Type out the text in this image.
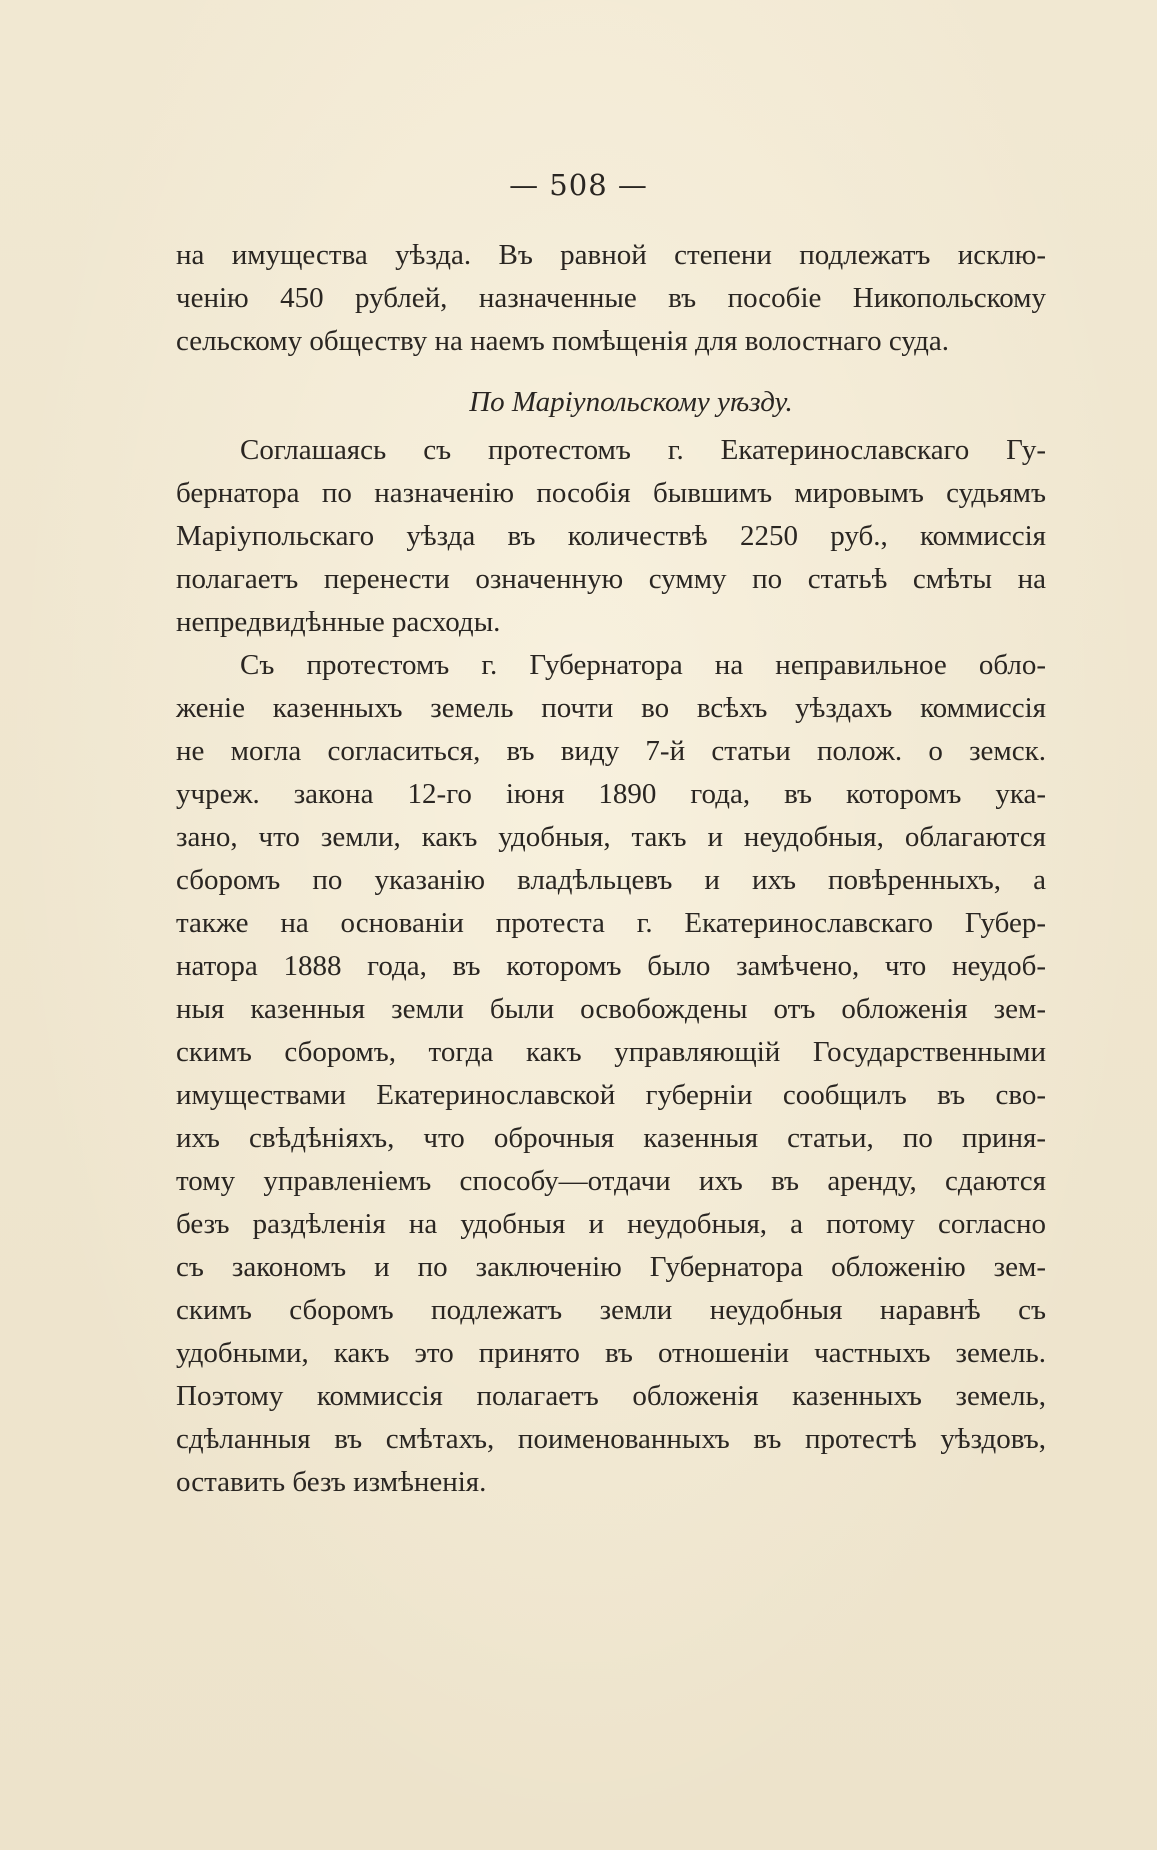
— 508 —
на имущества уѣзда. Въ равной степени подлежатъ исклю-
ченію 450 рублей, назначенные въ пособіе Никопольскому
сельскому обществу на наемъ помѣщенія для волостнаго суда.
По Маріупольскому уѣзду.
Соглашаясь съ протестомъ г. Екатеринославскаго Гу-
бернатора по назначенію пособія бывшимъ мировымъ судьямъ
Маріупольскаго уѣзда въ количествѣ 2250 руб., коммиссія
полагаетъ перенести означенную сумму по статьѣ смѣты на
непредвидѣнные расходы.
Съ протестомъ г. Губернатора на неправильное обло-
женіе казенныхъ земель почти во всѣхъ уѣздахъ коммиссія
не могла согласиться, въ виду 7-й статьи полож. о земск.
учреж. закона 12-го іюня 1890 года, въ которомъ ука-
зано, что земли, какъ удобныя, такъ и неудобныя, облагаются
сборомъ по указанію владѣльцевъ и ихъ повѣренныхъ, а
также на основаніи протеста г. Екатеринославскаго Губер-
натора 1888 года, въ которомъ было замѣчено, что неудоб-
ныя казенныя земли были освобождены отъ обложенія зем-
скимъ сборомъ, тогда какъ управляющій Государственными
имуществами Екатеринославской губерніи сообщилъ въ сво-
ихъ свѣдѣніяхъ, что оброчныя казенныя статьи, по приня-
тому управленіемъ способу—отдачи ихъ въ аренду, сдаются
безъ раздѣленія на удобныя и неудобныя, а потому согласно
съ закономъ и по заключенію Губернатора обложенію зем-
скимъ сборомъ подлежатъ земли неудобныя наравнѣ съ
удобными, какъ это принято въ отношеніи частныхъ земель.
Поэтому коммиссія полагаетъ обложенія казенныхъ земель,
сдѣланныя въ смѣтахъ, поименованныхъ въ протестѣ уѣздовъ,
оставить безъ измѣненія.
